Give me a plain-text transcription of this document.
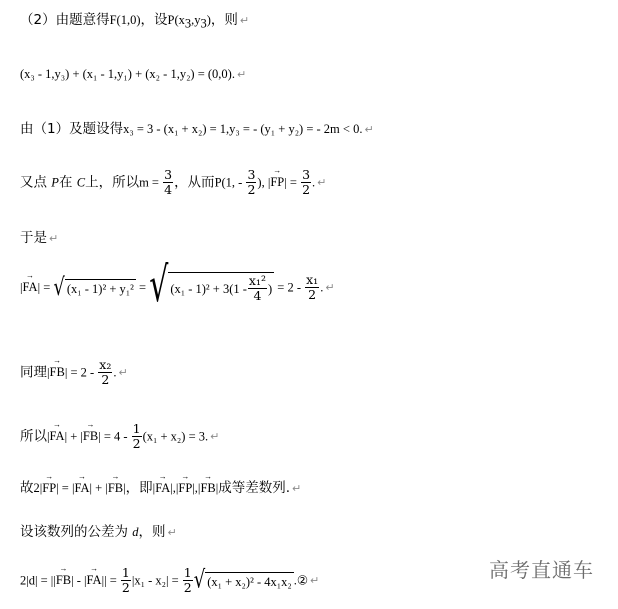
（2）由题意得F(1,0)，设$P(x_3,y_3)$，则 ↵
(x₃ - 1,y₃) + (x₁ - 1,y₁) + (x₂ - 1,y₂) = (0,0). ↵
由（1）及题设得x₃ = 3 - (x₁ + x₂) = 1,y₃ = - (y₁ + y₂) = - 2m < 0. ↵
又点 P在 C上，所以$m = \frac{3}{4}$ ，从而P(1, - $\frac{3}{2}$ ), |→ $FP| = \frac{3}{2}$ . ↵
于是 ↵
|→ FA| = √ (x₁ - 1)² + y₁² = √ $(x_1 - 1)^2 + 3(1 - \frac{\text{x₁²}}{4}$ ) = $2 - \frac{\text{x₁}}{2}$ . ↵
同理|→ $FB| = 2 - \frac{\text{x₂}}{2}$ . ↵
所以|→ FA| + |→ $FB| = 4 - \frac{1}{2} (x_1 + x_2) = 3$. ↵
故2|→ FP| = |→ FA| + |→ FB|，即|→ FA|,|→ FP|,|→ FB|成等差数列. ↵
设该数列的公差为 d，则 ↵
2|d| = ||→ FB| - |→ $FA|| = \frac{1}{2} |x_1 - x_2| = \frac{1}{2}$ √ (x₁ + x₂)² - 4x₁x₂ .② ↵	高考直通车
